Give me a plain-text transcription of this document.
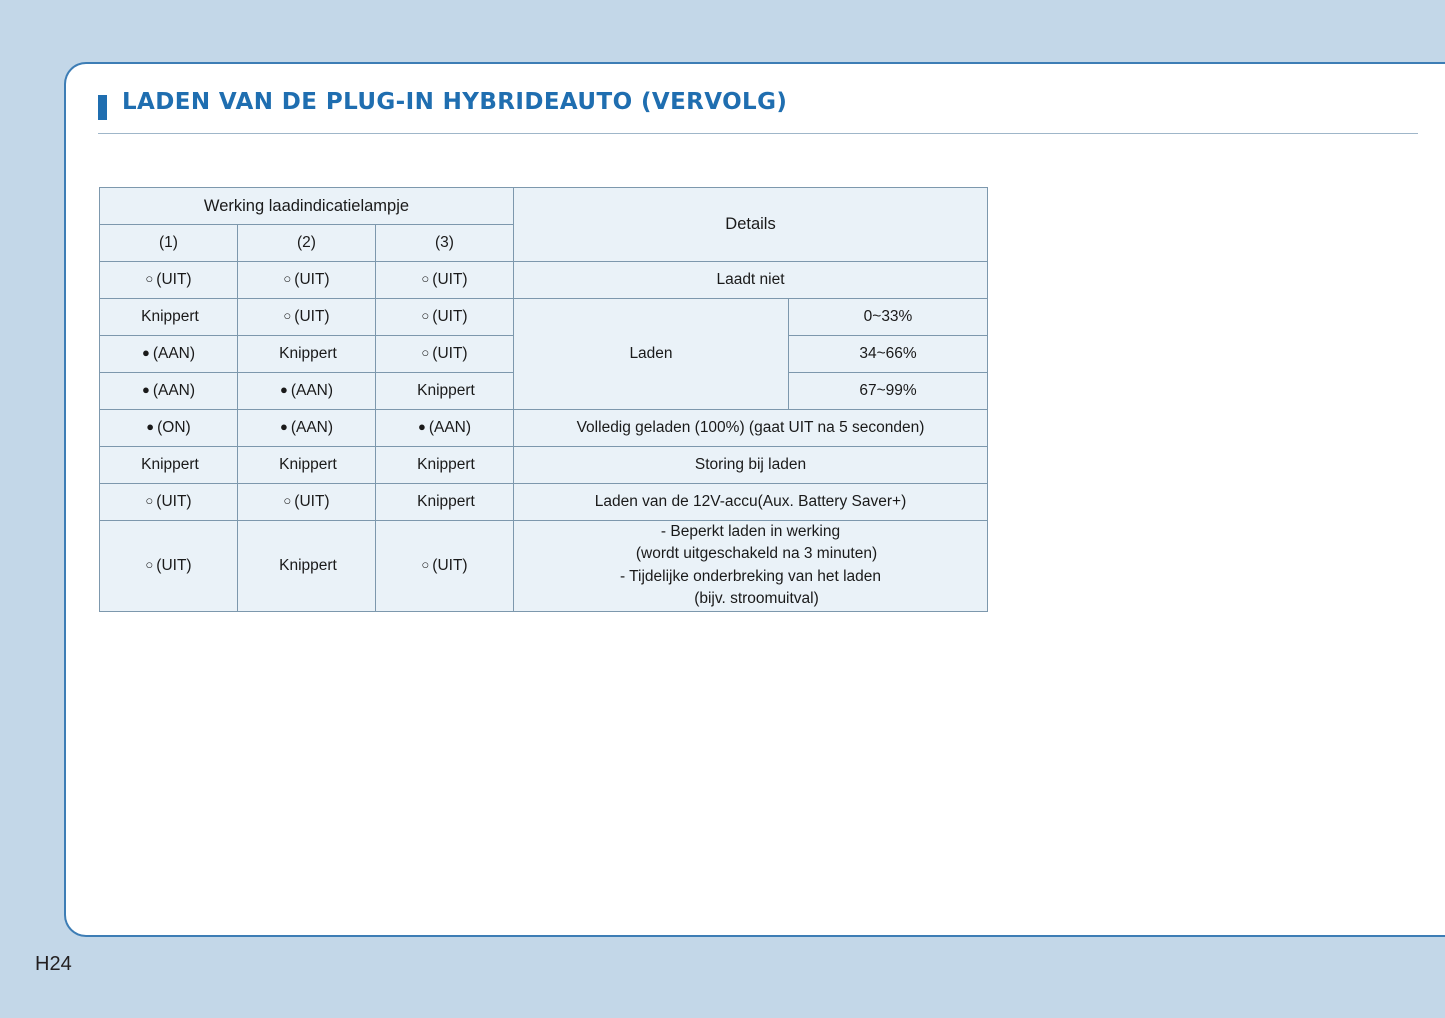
LADEN VAN DE PLUG-IN HYBRIDEAUTO (VERVOLG)
Werking laadindicatielampje			Details	
(1)	(2)	(3)		
○ (UIT)	○ (UIT)	○ (UIT)	Laadt niet	
Knippert	○ (UIT)	○ (UIT)	Laden	0~33%
● (AAN)	Knippert	○ (UIT)		34~66%
● (AAN)	● (AAN)	Knippert		67~99%
● (ON)	● (AAN)	● (AAN)	Volledig geladen (100%) (gaat UIT na 5 seconden)	
Knippert	Knippert	Knippert	Storing bij laden	
○ (UIT)	○ (UIT)	Knippert	Laden van de 12V-accu(Aux. Battery Saver+)	
○ (UIT)	Knippert	○ (UIT)	- Beperkt laden in werking
(wordt uitgeschakeld na 3 minuten)
- Tijdelijke onderbreking van het laden
(bijv. stroomuitval)	
H24
